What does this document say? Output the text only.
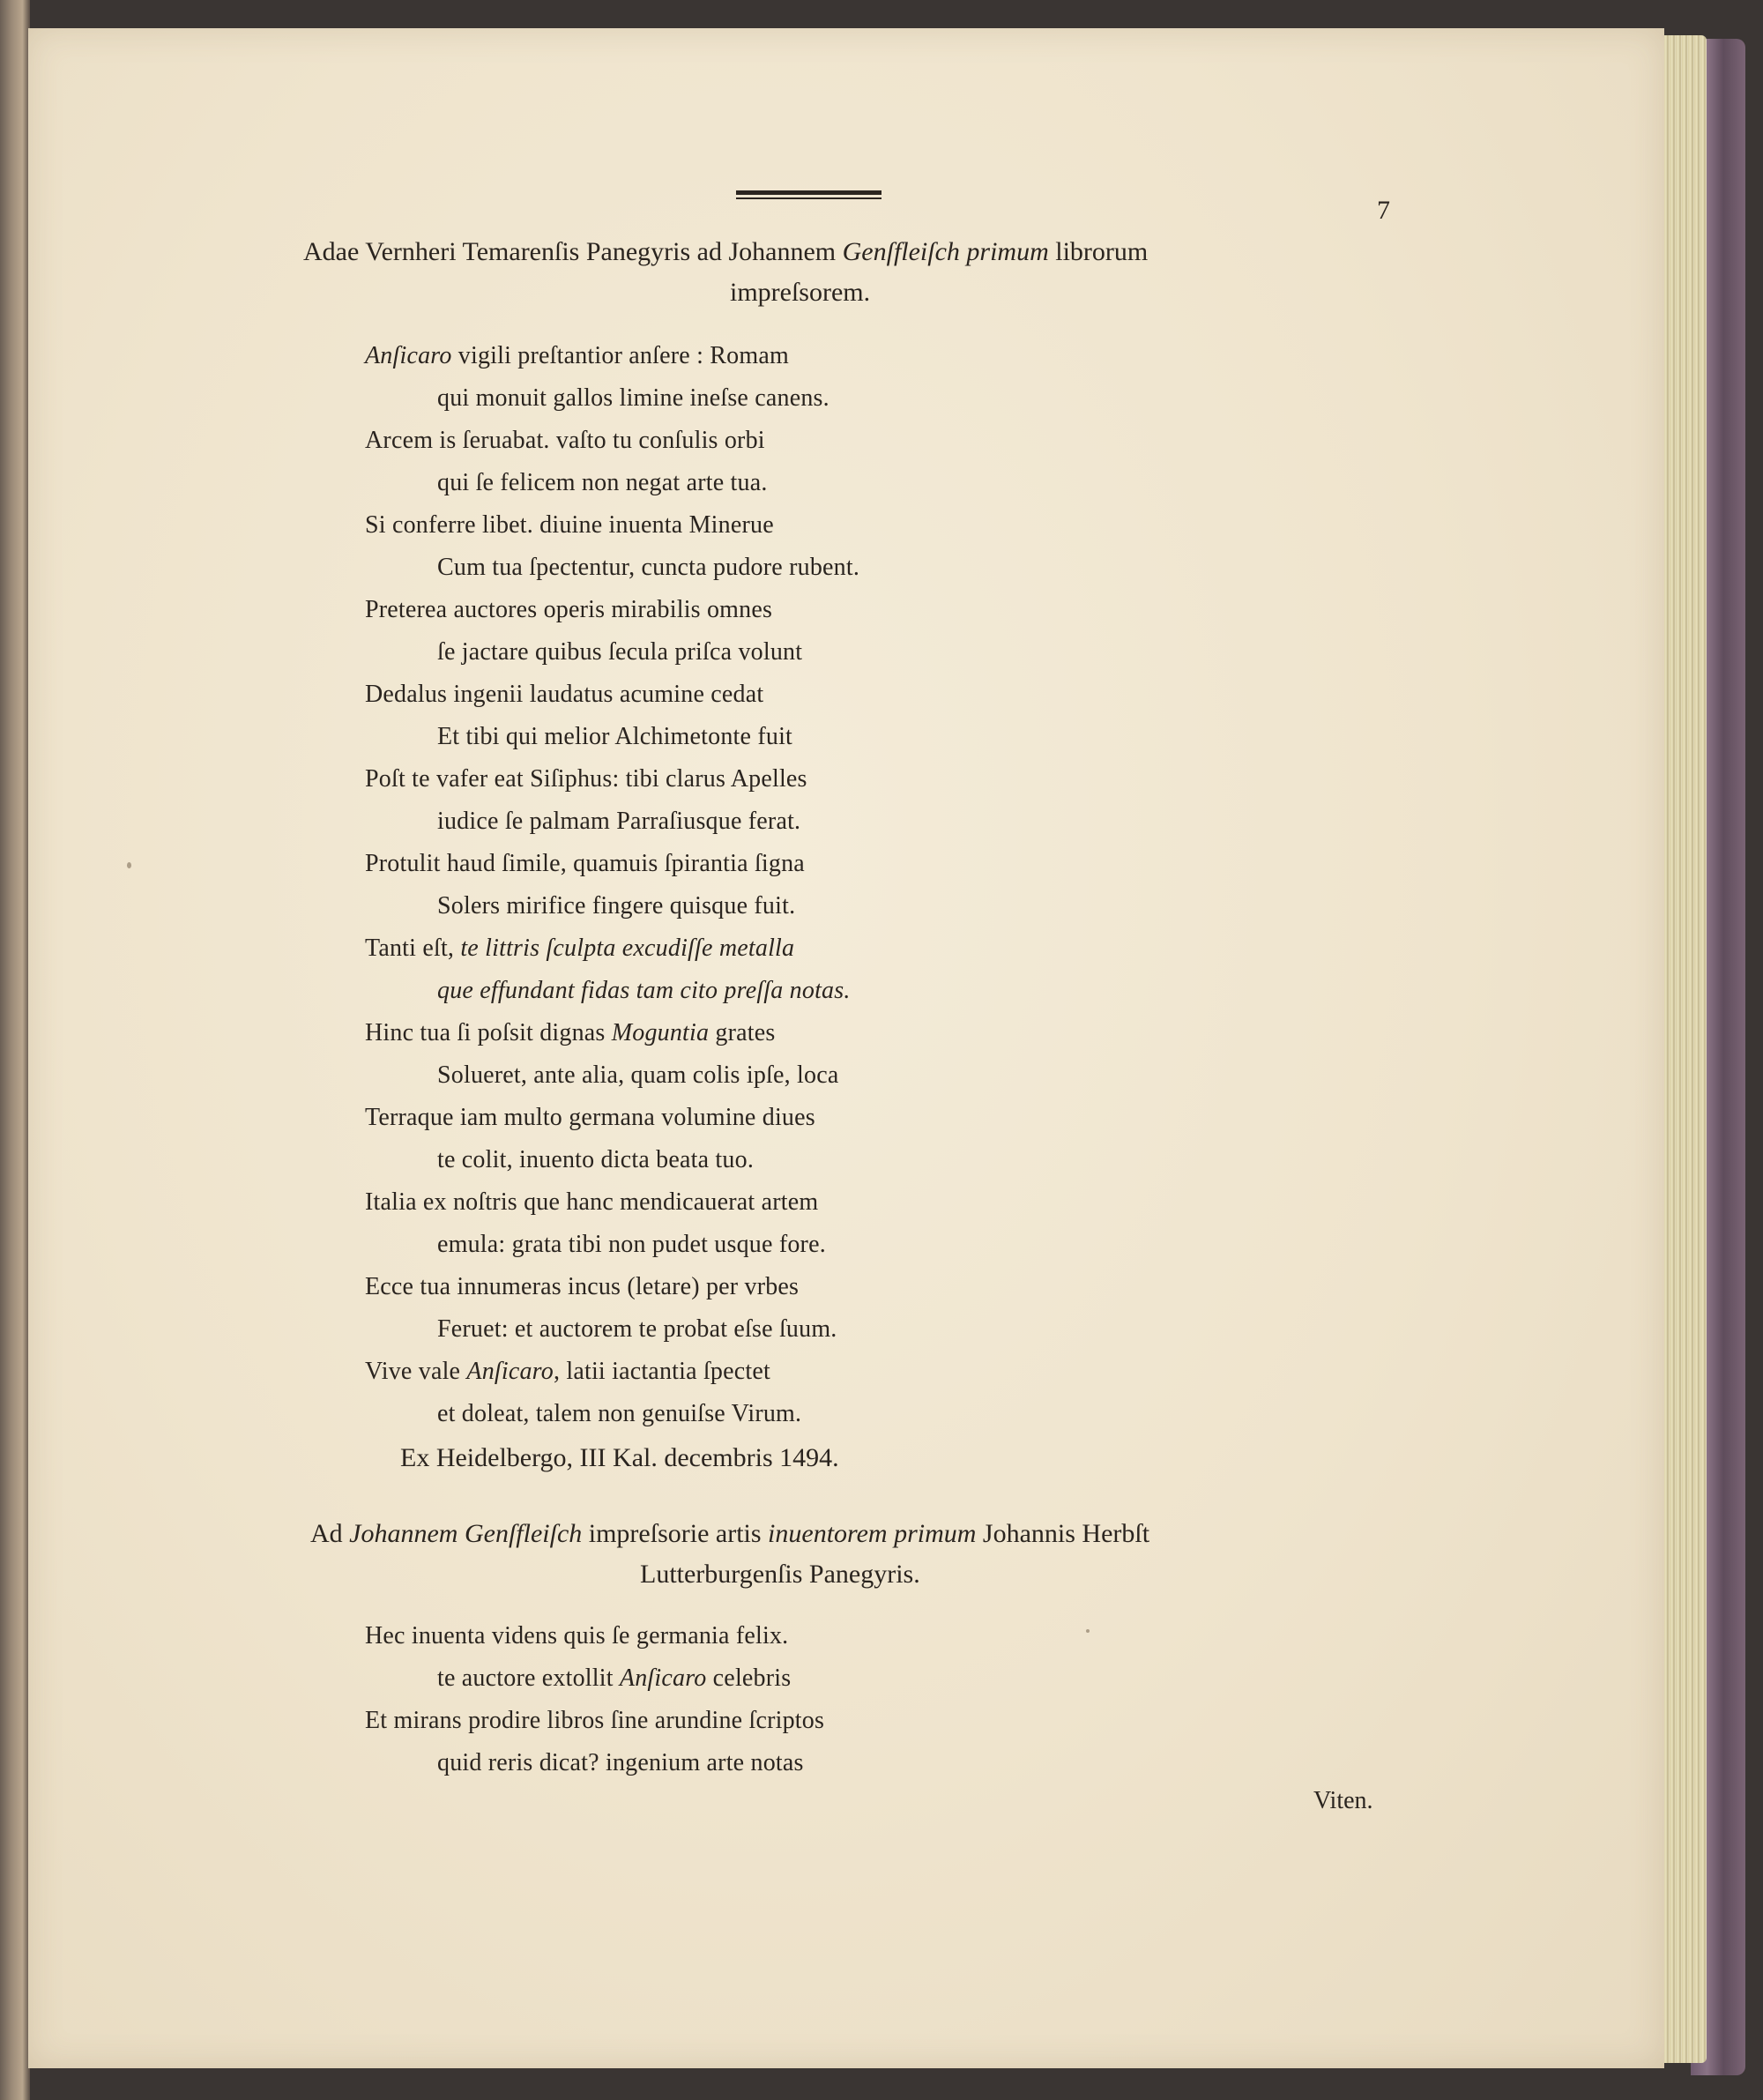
7

Adae Vernheri Temarenſis Panegyris ad Johannem Genſfleiſch primum librorum

impreſsorem.

Anſicaro vigili preſtantior anſere : Romam

qui monuit gallos limine ineſse canens.

Arcem is ſeruabat. vaſto tu conſulis orbi

qui ſe felicem non negat arte tua.

Si conferre libet. diuine inuenta Minerue

Cum tua ſpectentur, cuncta pudore rubent.

Preterea auctores operis mirabilis omnes

ſe jactare quibus ſecula priſca volunt

Dedalus ingenii laudatus acumine cedat

Et tibi qui melior Alchimetonte fuit

Poſt te vafer eat Siſiphus: tibi clarus Apelles

iudice ſe palmam Parraſiusque ferat.

Protulit haud ſimile, quamuis ſpirantia ſigna

Solers mirifice fingere quisque fuit.

Tanti eſt, te littris ſculpta excudiſſe metalla

que effundant fidas tam cito preſſa notas.

Hinc tua ſi poſsit dignas Moguntia grates

Solueret, ante alia, quam colis ipſe, loca

Terraque iam multo germana volumine diues

te colit, inuento dicta beata tuo.

Italia ex noſtris que hanc mendicauerat artem

emula: grata tibi non pudet usque fore.

Ecce tua innumeras incus (letare) per vrbes

Feruet: et auctorem te probat eſse ſuum.

Vive vale Anſicaro, latii iactantia ſpectet

et doleat, talem non genuiſse Virum.

Ex Heidelbergo, III Kal. decembris 1494.

Ad Johannem Genſfleiſch impreſsorie artis inuentorem primum Johannis Herbſt

Lutterburgenſis Panegyris.

Hec inuenta videns quis ſe germania felix.

te auctore extollit Anſicaro celebris

Et mirans prodire libros ſine arundine ſcriptos

quid reris dicat? ingenium arte notas

Viten.
